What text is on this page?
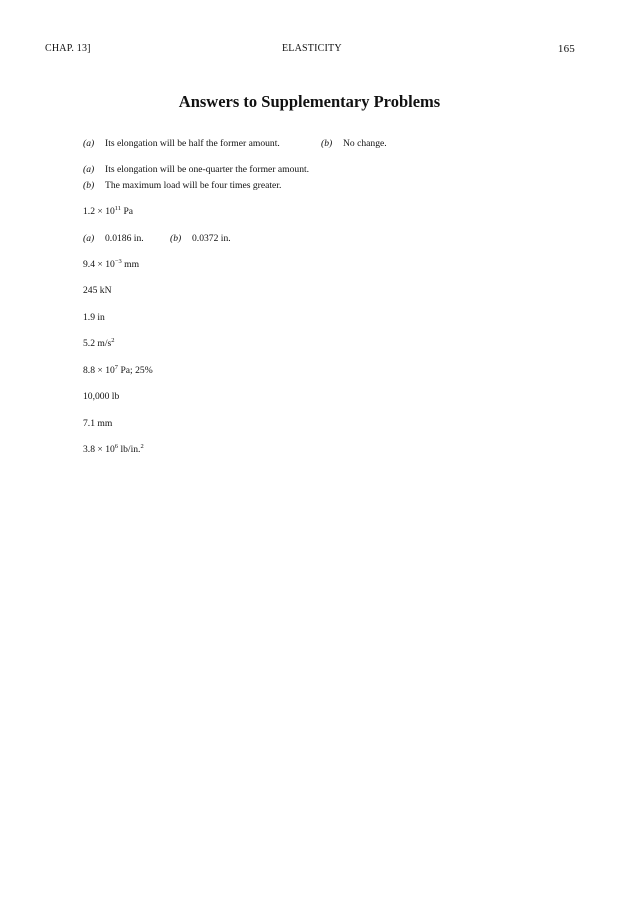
CHAP. 13]	ELASTICITY	165
Answers to Supplementary Problems
(a) Its elongation will be half the former amount.	(b) No change.
(a) Its elongation will be one-quarter the former amount.
(b) The maximum load will be four times greater.
$1.2 \times 10^{11}$ Pa
(a) 0.0186 in.	(b) 0.0372 in.
$9.4 \times 10^{-3}$ mm
245 kN
1.9 in
5.2 $m/s^2$
$8.8 \times 10^7$ Pa; 25%
10,000 lb
7.1 mm
$3.8 \times 10^6$ lb/in.$^2$
